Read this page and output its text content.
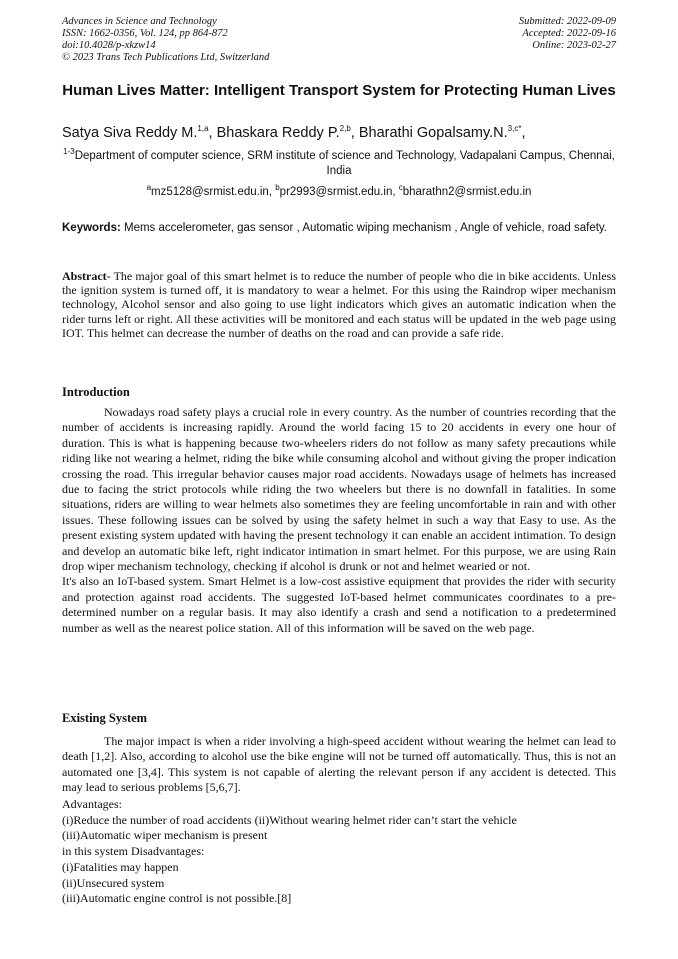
Advances in Science and Technology
ISSN: 1662-0356, Vol. 124, pp 864-872
doi:10.4028/p-xkzw14
© 2023 Trans Tech Publications Ltd, Switzerland
Submitted: 2022-09-09
Accepted: 2022-09-16
Online: 2023-02-27
Human Lives Matter: Intelligent Transport System for Protecting Human Lives
Satya Siva Reddy M.$^{1,a}$, Bhaskara Reddy P.$^{2,b}$, Bharathi Gopalsamy.N.$^{3,c*}$,
$^{1-3}$Department of computer science, SRM institute of science and Technology, Vadapalani Campus, Chennai, India
$^a$mz5128@srmist.edu.in, $^b$pr2993@srmist.edu.in, $^c$bharathn2@srmist.edu.in
Keywords: Mems accelerometer, gas sensor , Automatic wiping mechanism , Angle of vehicle, road safety.
Abstract- The major goal of this smart helmet is to reduce the number of people who die in bike accidents. Unless the ignition system is turned off, it is mandatory to wear a helmet. For this using the Raindrop wiper mechanism technology, Alcohol sensor and also going to use light indicators which gives an automatic indication when the rider turns left or right. All these activities will be monitored and each status will be updated in the web page using IOT. This helmet can decrease the number of deaths on the road and can provide a safe ride.
Introduction

Nowadays road safety plays a crucial role in every country. As the number of countries recording that the number of accidents is increasing rapidly. Around the world facing 15 to 20 accidents in every one hour of duration. This is what is happening because two-wheelers riders do not follow as many safety precautions while riding like not wearing a helmet, riding the bike while consuming alcohol and without giving the proper indication crossing the road. This irregular behavior causes major road accidents. Nowadays usage of helmets has increased due to facing the strict protocols while riding the two wheelers but there is no downfall in fatalities. In some situations, riders are willing to wear helmets also sometimes they are feeling uncomfortable in rain and with other issues. These following issues can be solved by using the safety helmet in such a way that Easy to use. As the present existing system updated with having the present technology it can enable an accident intimation. To design and develop an automatic bike left, right indicator intimation in smart helmet. For this purpose, we are using Rain drop wiper mechanism technology, checking if alcohol is drunk or not and helmet wearied or not.

It's also an IoT-based system. Smart Helmet is a low-cost assistive equipment that provides the rider with security and protection against road accidents. The suggested IoT-based helmet communicates coordinates to a pre-determined number on a regular basis. It may also identify a crash and send a notification to a predetermined number as well as the nearest police station. All of this information will be saved on the web page.

Existing System

The major impact is when a rider involving a high-speed accident without wearing the helmet can lead to death [1,2]. Also, according to alcohol use the bike engine will not be turned off automatically. Thus, this is not an automated one [3,4]. This system is not capable of alerting the relevant person if any accident is detected. This may lead to serious problems [5,6,7].

Advantages:
(i)Reduce the number of road accidents (ii)Without wearing helmet rider can’t start the vehicle
(iii)Automatic wiper mechanism is present
in this system Disadvantages:
(i)Fatalities may happen
(ii)Unsecured system
(iii)Automatic engine control is not possible.[8]
